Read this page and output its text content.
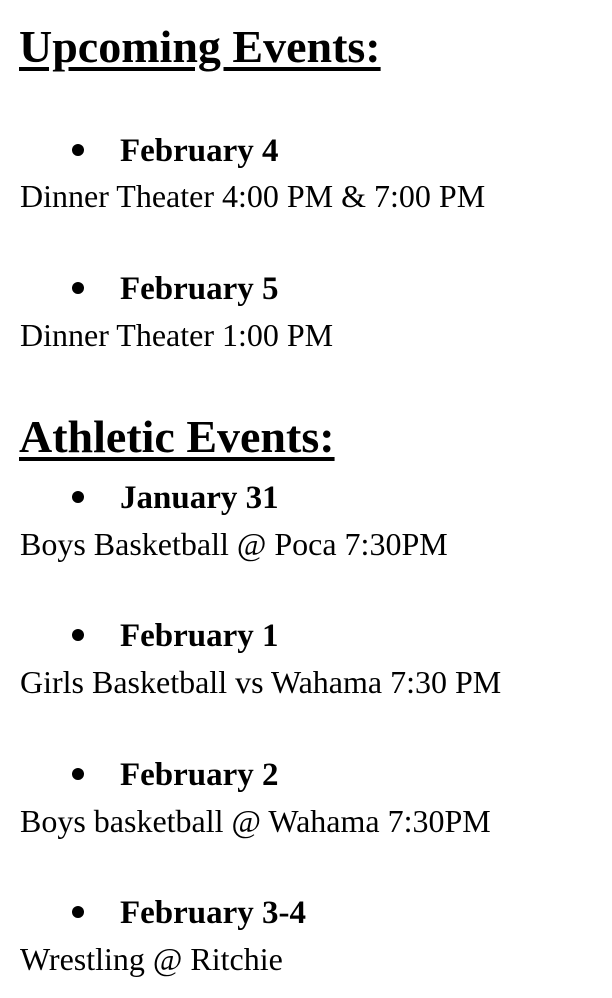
Upcoming Events:
February 4
Dinner Theater 4:00 PM & 7:00 PM
February 5
Dinner Theater 1:00 PM
Athletic Events:
January 31
Boys Basketball @ Poca 7:30PM
February 1
Girls Basketball vs Wahama 7:30 PM
February 2
Boys basketball @ Wahama 7:30PM
February 3-4
Wrestling @ Ritchie
